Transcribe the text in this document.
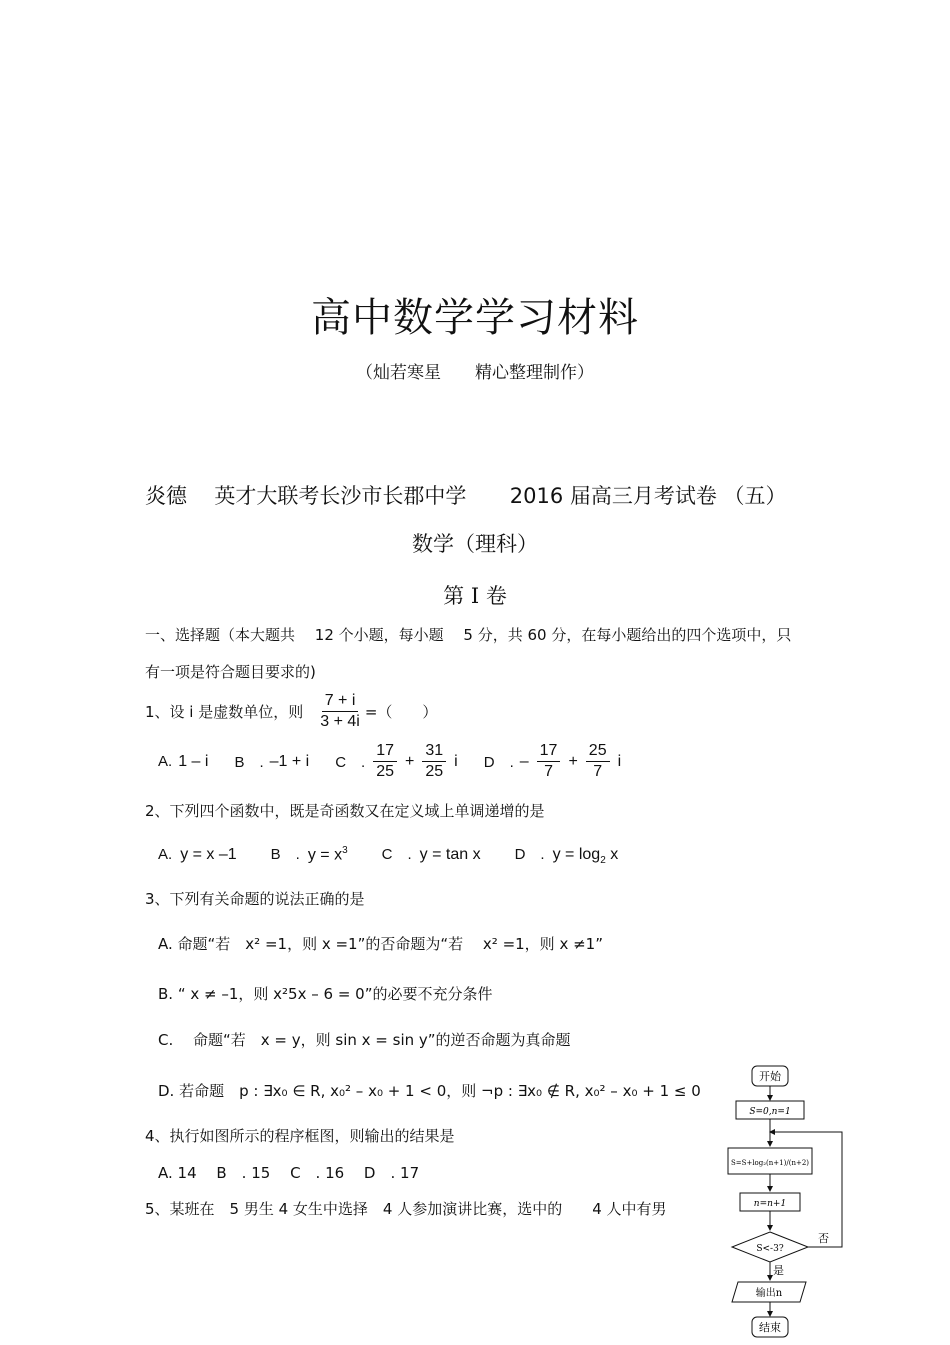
高中数学学习材料
（灿若寒星　　精心整理制作）
炎德 英才大联考长沙市长郡中学 2016 届高三月考试卷 （五）
数学（理科）
第 I 卷
一、选择题（本大题共　 12 个小题，每小题　 5 分，共 60 分，在每小题给出的四个选项中，只
有一项是符合题目要求的)
1、设 i 是虚数单位，则 $\frac{7 + i}{3 + 4i}$ =（　　）
A. 1 – i B　. –1 + i C　. $\frac{17}{25} + \frac{31}{25}$ i D　. – $\frac{17}{7} + \frac{25}{7}$ i
2、下列四个函数中，既是奇函数又在定义域上单调递增的是
A. y = x –1 B　. $y = x^3$ C　. y = tan x D　. $y = \log_2 x$
3、下列有关命题的说法正确的是
A. 命题“若　x² =1，则 x =1”的否命题为“若　 x² =1，则 x ≠1”
B. “ x ≠ –1，则 x²5x – 6 = 0”的必要不充分条件
C.　 命题“若　x = y，则 sin x = sin y”的逆否命题为真命题
D. 若命题　p : ∃x₀ ∈ R, x₀² – x₀ + 1 < 0，则 ¬p : ∃x₀ ∉ R, x₀² – x₀ + 1 ≤ 0
4、执行如图所示的程序框图，则输出的结果是
A. 14　 B　. 15　 C　. 16　 D　. 17
5、某班在　5 男生 4 女生中选择　4 人参加演讲比赛，选中的　　4 人中有男
开始
S=0,n=1
S=S+log₂(n+1)/(n+2)
n=n+1
S<-3?
否
是
输出n
结束
